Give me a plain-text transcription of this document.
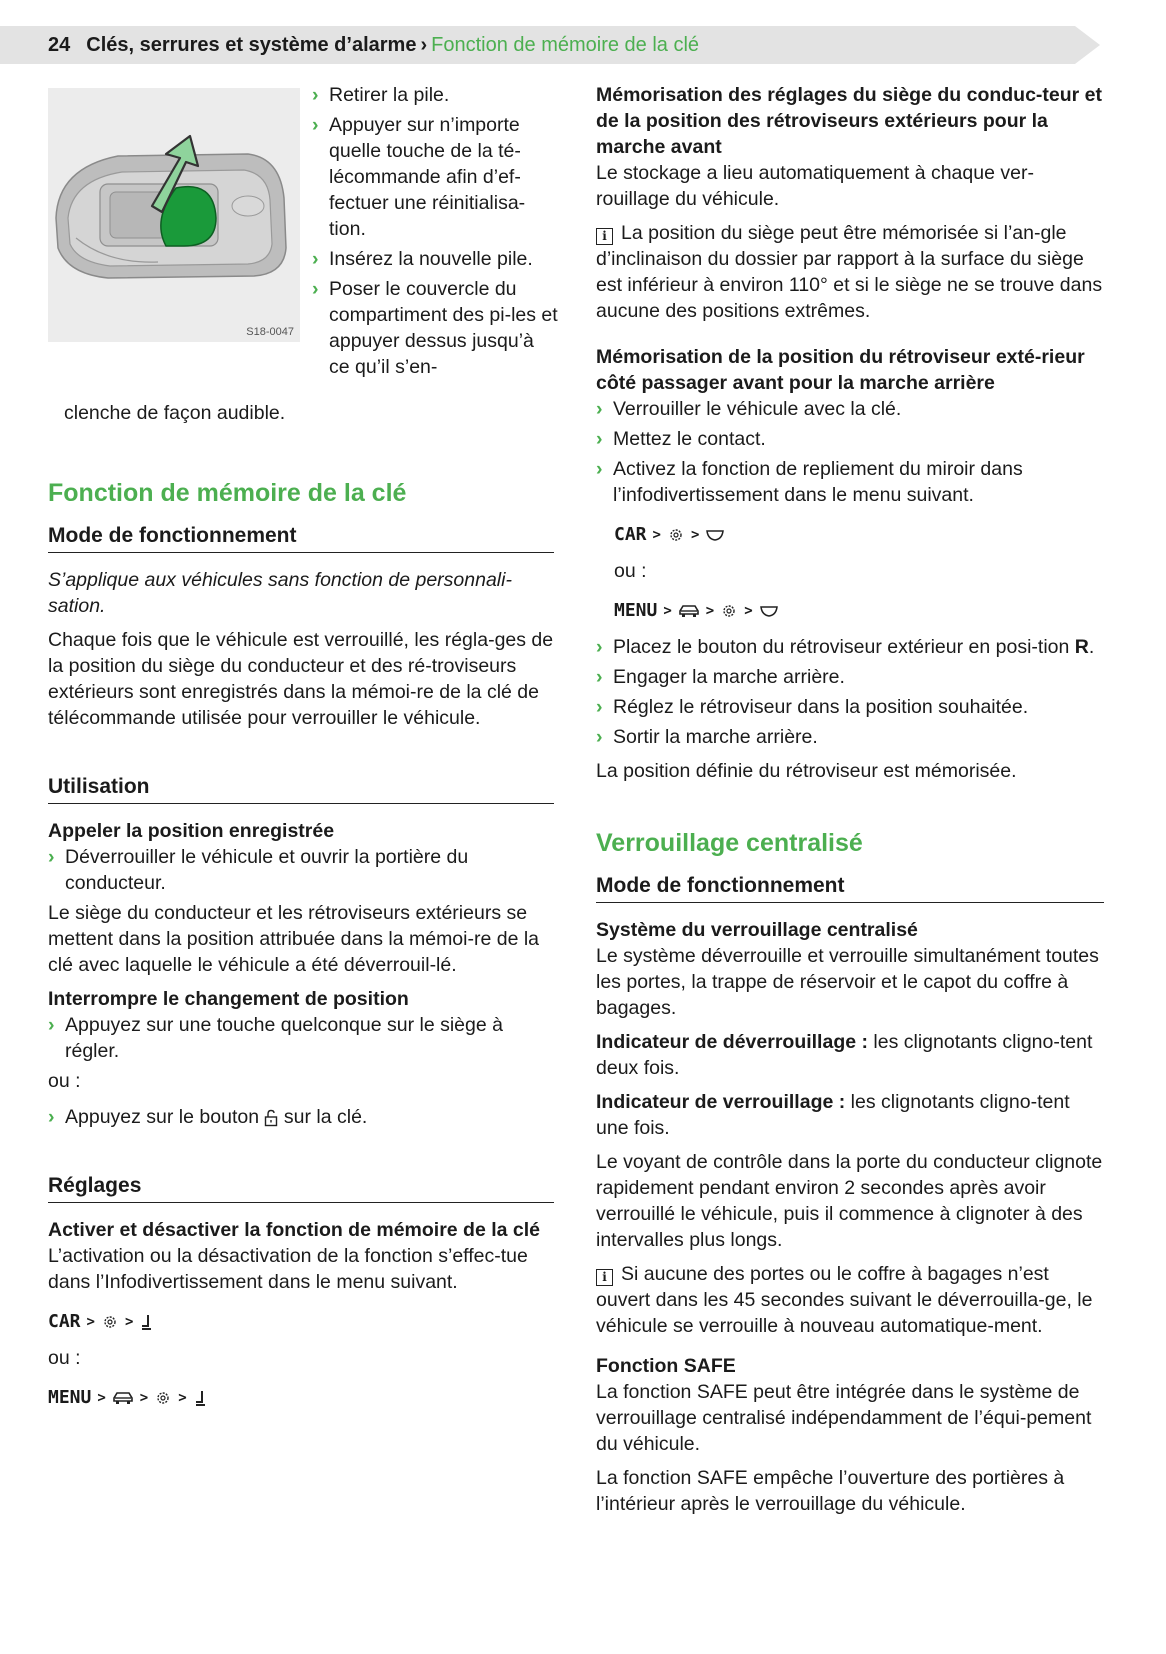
24 Clés, serrures et système d’alarme › Fonction de mémoire de la clé
S18-0047
› Retirer la pile.
› Appuyer sur n’importe quelle touche de la té-lécommande afin d’ef-fectuer une réinitialisa-tion.
› Insérez la nouvelle pile.
› Poser le couvercle du compartiment des pi-les et appuyer dessus jusqu’à ce qu’il s’en-

clenche de façon audible.

Fonction de mémoire de la clé
Mode de fonctionnement

S’applique aux véhicules sans fonction de personnali-sation.

Chaque fois que le véhicule est verrouillé, les régla-ges de la position du siège du conducteur et des ré-troviseurs extérieurs sont enregistrés dans la mémoi-re de la clé de télécommande utilisée pour verrouiller le véhicule.

Utilisation

Appeler la position enregistrée

› Déverrouiller le véhicule et ouvrir la portière du conducteur.

Le siège du conducteur et les rétroviseurs extérieurs se mettent dans la position attribuée dans la mémoi-re de la clé avec laquelle le véhicule a été déverrouil-lé.

Interrompre le changement de position

› Appuyez sur une touche quelconque sur le siège à régler.

ou :

› Appuyez sur le bouton sur la clé.
Réglages

Activer et désactiver la fonction de mémoire de la clé

L’activation ou la désactivation de la fonction s’effec-tue dans l’Infodivertissement dans le menu suivant.

CAR > >

ou :

MENU > > >

Mémorisation des réglages du siège du conduc-teur et de la position des rétroviseurs extérieurs pour la marche avant

Le stockage a lieu automatiquement à chaque ver-rouillage du véhicule.

i La position du siège peut être mémorisée si l’an-gle d’inclinaison du dossier par rapport à la surface du siège est inférieur à environ 110° et si le siège ne se trouve dans aucune des positions extrêmes.

Mémorisation de la position du rétroviseur exté-rieur côté passager avant pour la marche arrière

› Verrouiller le véhicule avec la clé.
› Mettez le contact.
› Activez la fonction de repliement du miroir dans l’infodivertissement dans le menu suivant.
CAR > >

ou :

MENU > > >
› Placez le bouton du rétroviseur extérieur en posi-tion R.
› Engager la marche arrière.
› Réglez le rétroviseur dans la position souhaitée.
› Sortir la marche arrière.

La position définie du rétroviseur est mémorisée.

Verrouillage centralisé
Mode de fonctionnement

Système du verrouillage centralisé

Le système déverrouille et verrouille simultanément toutes les portes, la trappe de réservoir et le capot du coffre à bagages.

Indicateur de déverrouillage : les clignotants cligno-tent deux fois.

Indicateur de verrouillage : les clignotants cligno-tent une fois.

Le voyant de contrôle dans la porte du conducteur clignote rapidement pendant environ 2 secondes après avoir verrouillé le véhicule, puis il commence à clignoter à des intervalles plus longs.

i Si aucune des portes ou le coffre à bagages n’est ouvert dans les 45 secondes suivant le déverrouilla-ge, le véhicule se verrouille à nouveau automatique-ment.

Fonction SAFE

La fonction SAFE peut être intégrée dans le système de verrouillage centralisé indépendamment de l’équi-pement du véhicule.

La fonction SAFE empêche l’ouverture des portières à l’intérieur après le verrouillage du véhicule.
